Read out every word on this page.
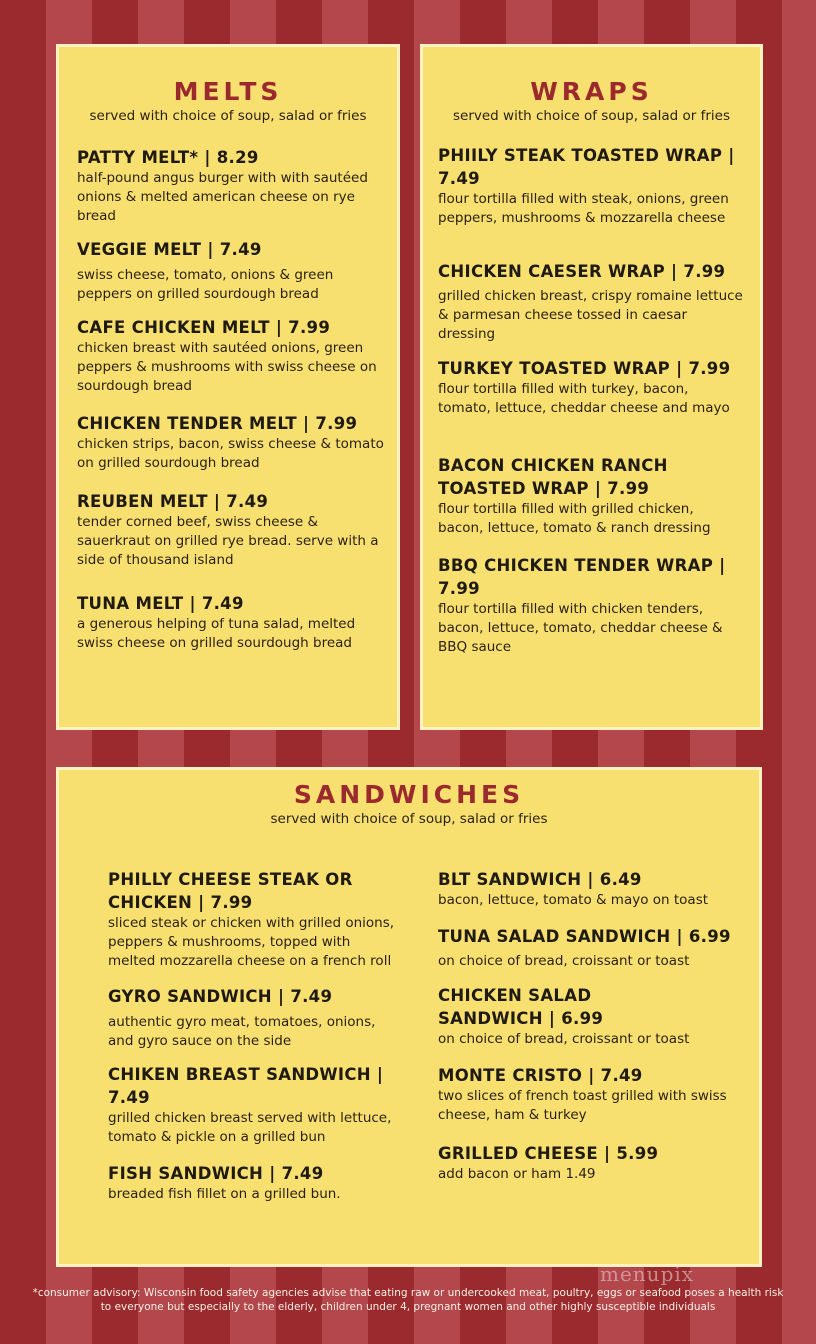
MELTS
served with choice of soup, salad or fries
PATTY MELT* | 8.29
half-pound angus burger with with sautéed onions & melted american cheese on rye bread
VEGGIE MELT | 7.49
swiss cheese, tomato, onions & green peppers on grilled sourdough bread
CAFE CHICKEN MELT | 7.99
chicken breast with sautéed onions, green peppers & mushrooms with swiss cheese on sourdough bread
CHICKEN TENDER MELT | 7.99
chicken strips, bacon, swiss cheese & tomato on grilled sourdough bread
REUBEN MELT | 7.49
tender corned beef, swiss cheese & sauerkraut on grilled rye bread. serve with a side of thousand island
TUNA MELT | 7.49
a generous helping of tuna salad, melted swiss cheese on grilled sourdough bread
WRAPS
served with choice of soup, salad or fries
PHIILY STEAK TOASTED WRAP | 7.49
flour tortilla filled with steak, onions, green peppers, mushrooms & mozzarella cheese
CHICKEN CAESER WRAP | 7.99
grilled chicken breast, crispy romaine lettuce & parmesan cheese tossed in caesar dressing
TURKEY TOASTED WRAP | 7.99
flour tortilla filled with turkey, bacon, tomato, lettuce, cheddar cheese and mayo
BACON CHICKEN RANCH TOASTED WRAP | 7.99
flour tortilla filled with grilled chicken, bacon, lettuce, tomato & ranch dressing
BBQ CHICKEN TENDER WRAP | 7.99
flour tortilla filled with chicken tenders, bacon, lettuce, tomato, cheddar cheese & BBQ sauce
SANDWICHES
served with choice of soup, salad or fries
PHILLY CHEESE STEAK OR CHICKEN | 7.99
sliced steak or chicken with grilled onions, peppers & mushrooms, topped with melted mozzarella cheese on a french roll
GYRO SANDWICH | 7.49
authentic gyro meat, tomatoes, onions, and gyro sauce on the side
CHIKEN BREAST SANDWICH | 7.49
grilled chicken breast served with lettuce, tomato & pickle on a grilled bun
FISH SANDWICH | 7.49
breaded fish fillet on a grilled bun.
BLT SANDWICH | 6.49
bacon, lettuce, tomato & mayo on toast
TUNA SALAD SANDWICH | 6.99
on choice of bread, croissant or toast
CHICKEN SALAD SANDWICH | 6.99
on choice of bread, croissant or toast
MONTE CRISTO | 7.49
two slices of french toast grilled with swiss cheese, ham & turkey
GRILLED CHEESE | 5.99
add bacon or ham 1.49
menupix
*consumer advisory: Wisconsin food safety agencies advise that eating raw or undercooked meat, poultry, eggs or seafood poses a health risk
to everyone but especially to the elderly, children under 4, pregnant women and other highly susceptible individuals
